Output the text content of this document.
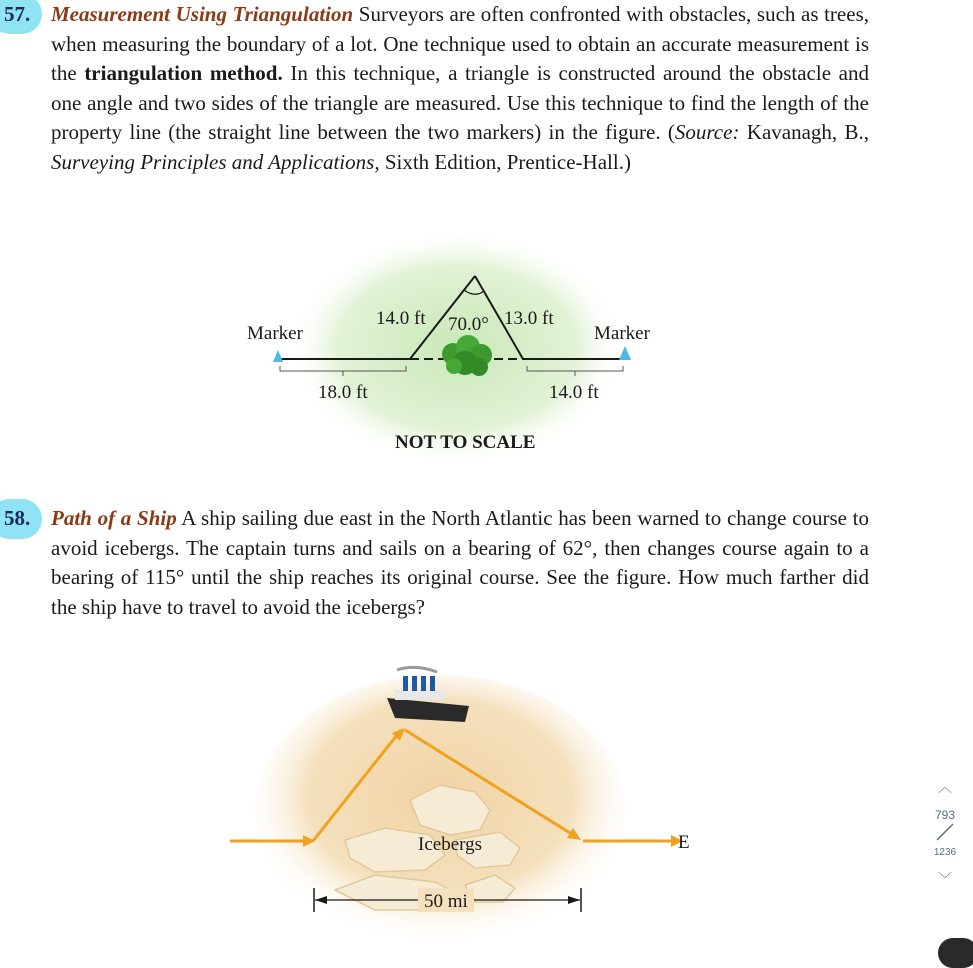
57. Measurement Using Triangulation Surveyors are often confronted with obstacles, such as trees, when measuring the boundary of a lot. One technique used to obtain an accurate measurement is the triangulation method. In this technique, a triangle is constructed around the obstacle and one angle and two sides of the triangle are measured. Use this technique to find the length of the property line (the straight line between the two markers) in the figure. (Source: Kavanagh, B., Surveying Principles and Applications, Sixth Edition, Prentice-Hall.)
Marker	Marker
14.0 ft 70.0° 13.0 ft
18.0 ft	14.0 ft
NOT TO SCALE
58. Path of a Ship A ship sailing due east in the North Atlantic has been warned to change course to avoid icebergs. The captain turns and sails on a bearing of 62°, then changes course again to a bearing of 115° until the ship reaches its original course. See the figure. How much farther did the ship have to travel to avoid the icebergs?
Icebergs
50 mi
E
︿
793
1236
﹀
